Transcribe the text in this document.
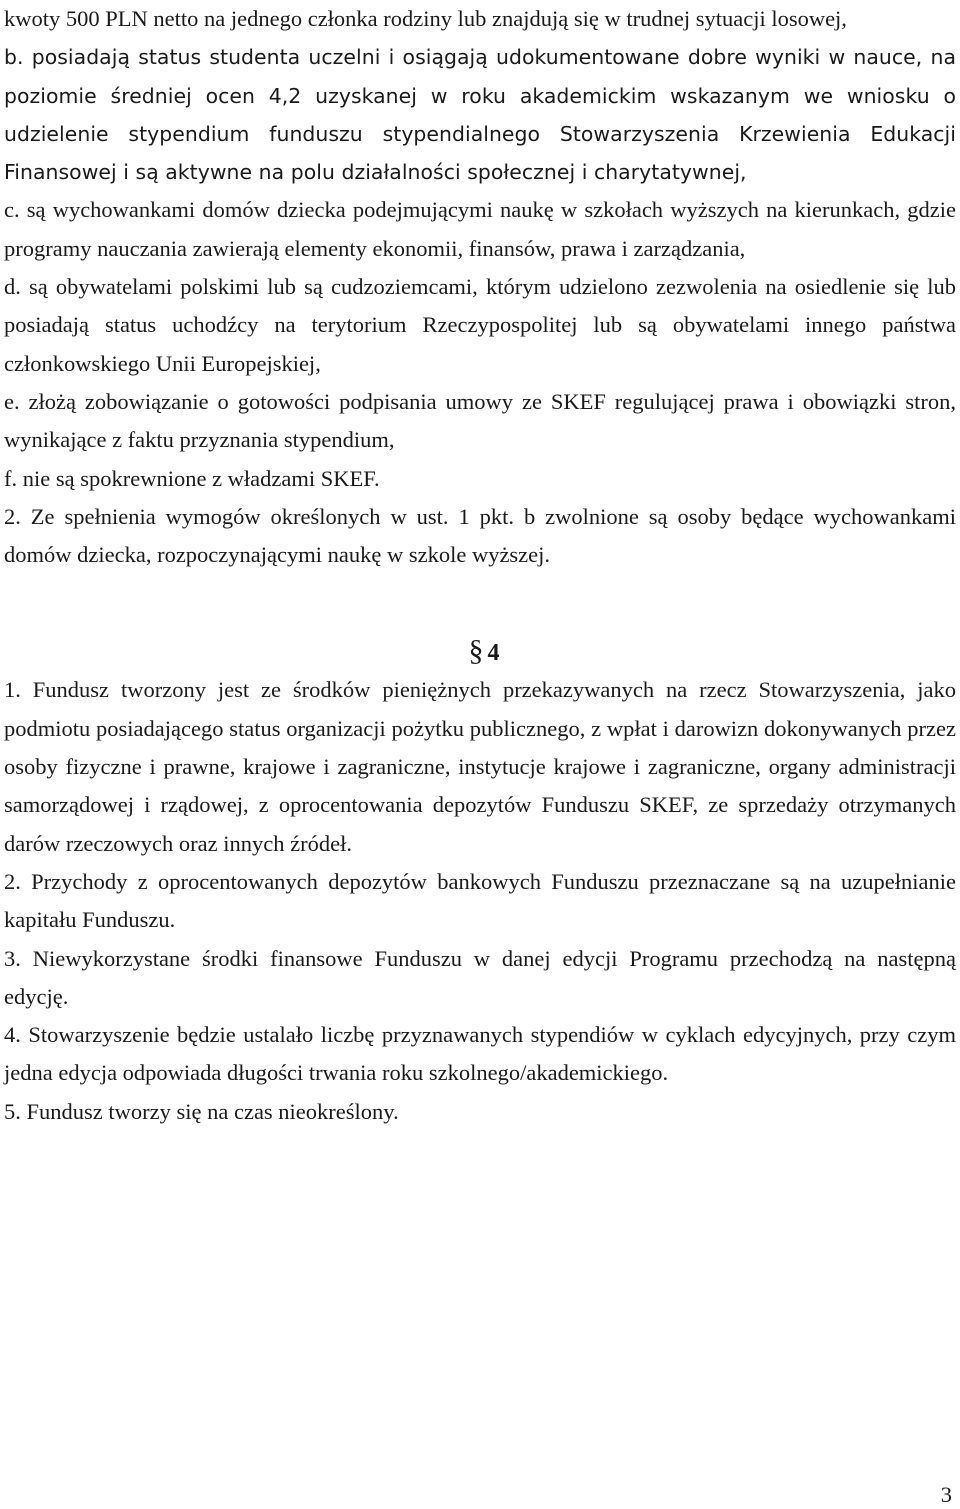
kwoty 500 PLN netto na jednego członka rodziny lub znajdują się w trudnej sytuacji losowej,

b. posiadają status studenta uczelni i osiągają udokumentowane dobre wyniki w nauce, na poziomie średniej ocen 4,2 uzyskanej w roku akademickim wskazanym we wniosku o udzielenie stypendium funduszu stypendialnego Stowarzyszenia Krzewienia Edukacji Finansowej i są aktywne na polu działalności społecznej i charytatywnej,

c. są wychowankami domów dziecka podejmującymi naukę w szkołach wyższych na kierunkach, gdzie programy nauczania zawierają elementy ekonomii, finansów, prawa i zarządzania,

d. są obywatelami polskimi lub są cudzoziemcami, którym udzielono zezwolenia na osiedlenie się lub posiadają status uchodźcy na terytorium Rzeczypospolitej lub są obywatelami innego państwa członkowskiego Unii Europejskiej,

e. złożą zobowiązanie o gotowości podpisania umowy ze SKEF regulującej prawa i obowiązki stron, wynikające z faktu przyznania stypendium,

f. nie są spokrewnione z władzami SKEF.

2. Ze spełnienia wymogów określonych w ust. 1 pkt. b zwolnione są osoby będące wychowankami domów dziecka, rozpoczynającymi naukę w szkole wyższej.

§ 4

1. Fundusz tworzony jest ze środków pieniężnych przekazywanych na rzecz Stowarzyszenia, jako podmiotu posiadającego status organizacji pożytku publicznego, z wpłat i darowizn dokonywanych przez osoby fizyczne i prawne, krajowe i zagraniczne, instytucje krajowe i zagraniczne, organy administracji samorządowej i rządowej, z oprocentowania depozytów Funduszu SKEF, ze sprzedaży otrzymanych darów rzeczowych oraz innych źródeł.

2. Przychody z oprocentowanych depozytów bankowych Funduszu przeznaczane są na uzupełnianie kapitału Funduszu.

3. Niewykorzystane środki finansowe Funduszu w danej edycji Programu przechodzą na następną edycję.

4. Stowarzyszenie będzie ustalało liczbę przyznawanych stypendiów w cyklach edycyjnych, przy czym jedna edycja odpowiada długości trwania roku szkolnego/akademickiego.

5. Fundusz tworzy się na czas nieokreślony.

3
